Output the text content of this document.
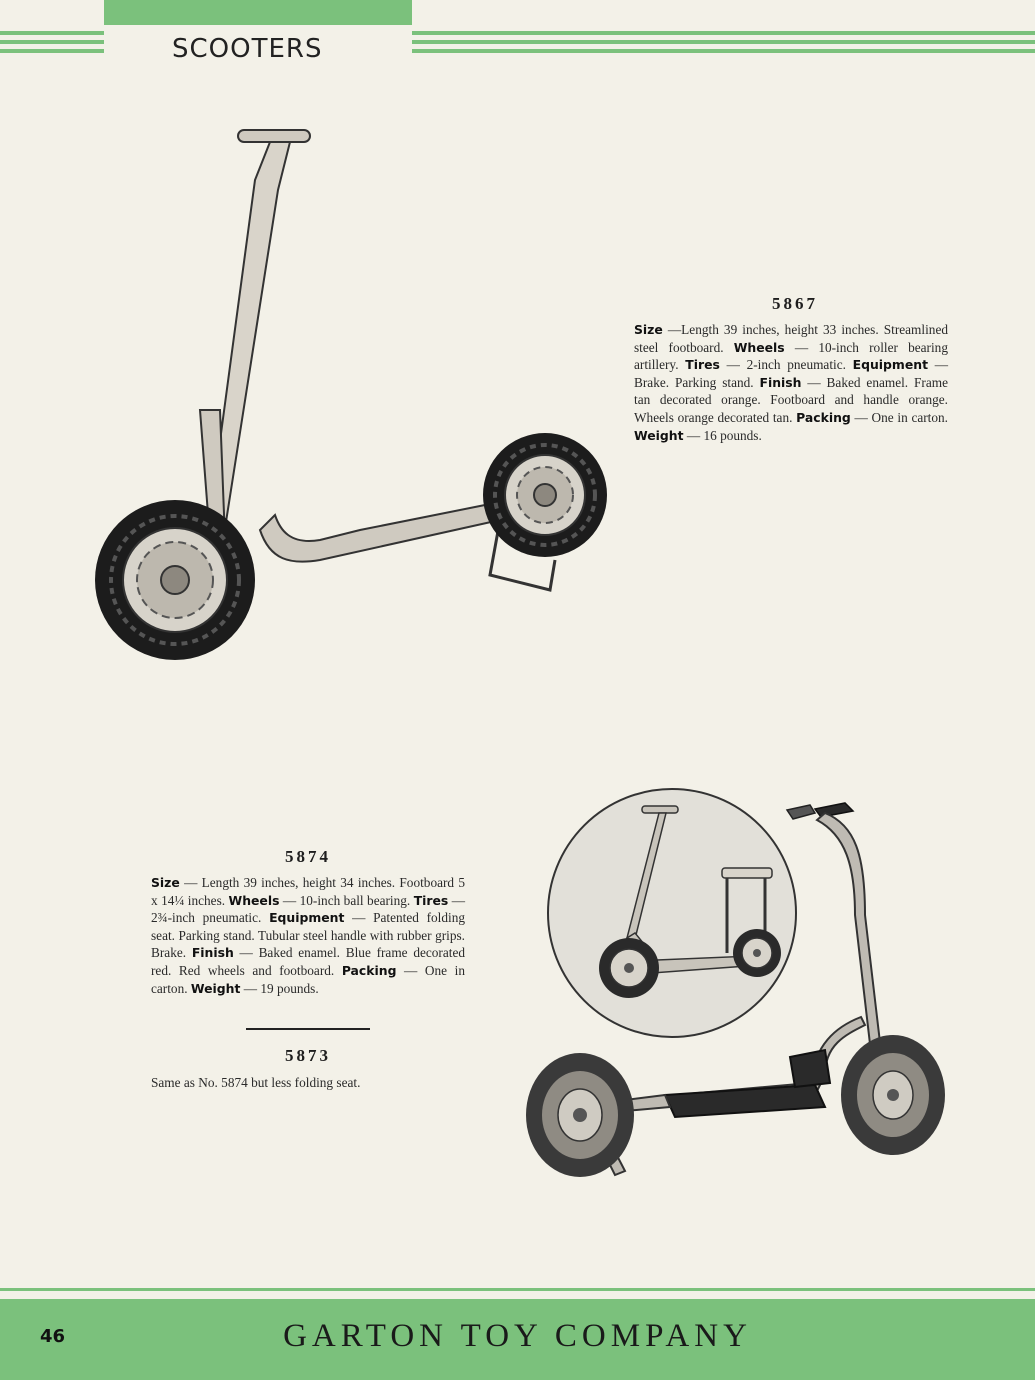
SCOOTERS
5867
Size —Length 39 inches, height 33 inches. Streamlined steel footboard. Wheels — 10-inch roller bearing artillery. Tires — 2-inch pneumatic. Equipment — Brake. Parking stand. Finish — Baked enamel. Frame tan decorated orange. Footboard and handle orange. Wheels orange decorated tan. Packing — One in carton. Weight — 16 pounds.
5874
Size — Length 39 inches, height 34 inches. Footboard 5 x 14¼ inches. Wheels — 10-inch ball bearing. Tires — 2¾-inch pneumatic. Equipment — Patented folding seat. Parking stand. Tubular steel handle with rubber grips. Brake. Finish — Baked enamel. Blue frame decorated red. Red wheels and footboard. Packing — One in carton. Weight — 19 pounds.
5873
Same as No. 5874 but less folding seat.
46	GARTON TOY COMPANY
